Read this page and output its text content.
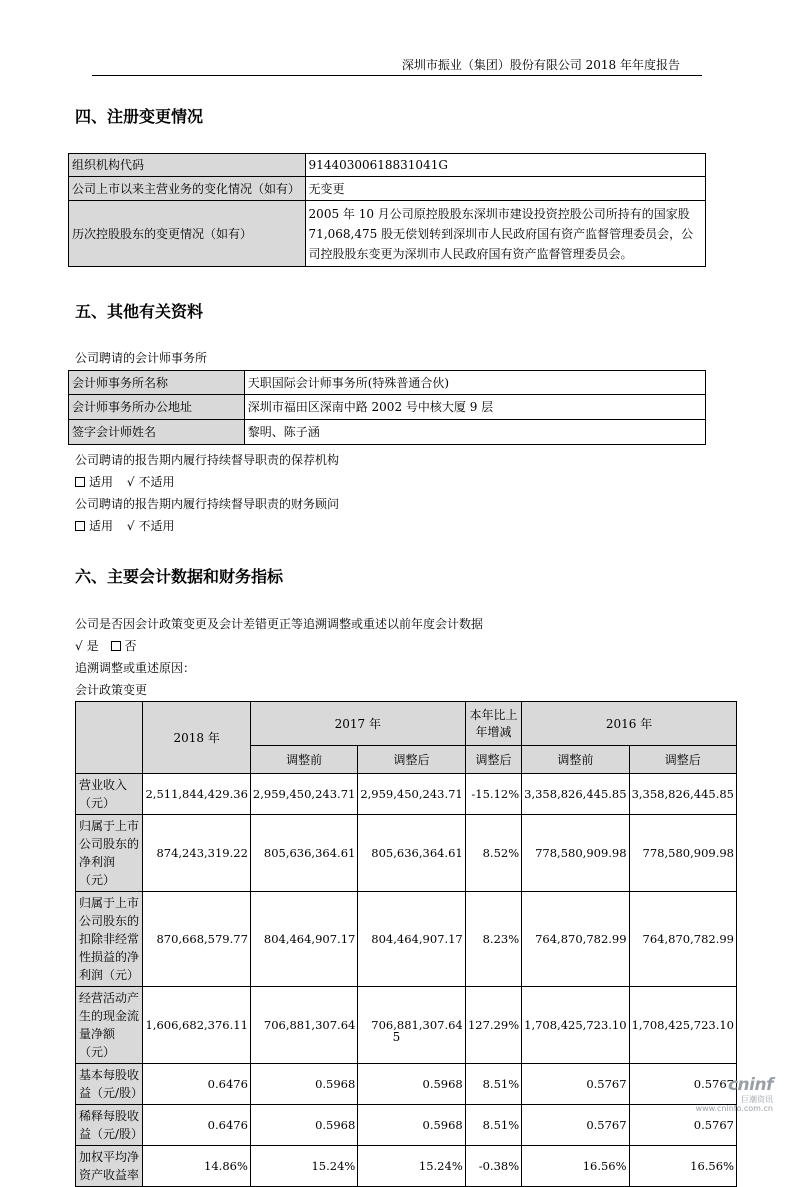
深圳市振业（集团）股份有限公司 2018 年年度报告
四、注册变更情况
组织机构代码	91440300618831041G
公司上市以来主营业务的变化情况（如有）	无变更
历次控股股东的变更情况（如有）	2005 年 10 月公司原控股股东深圳市建设投资控股公司所持有的国家股 71,068,475 股无偿划转到深圳市人民政府国有资产监督管理委员会，公司控股股东变更为深圳市人民政府国有资产监督管理委员会。
五、其他有关资料
公司聘请的会计师事务所
会计师事务所名称	天职国际会计师事务所(特殊普通合伙)
会计师事务所办公地址	深圳市福田区深南中路 2002 号中核大厦 9 层
签字会计师姓名	黎明、陈子涵
公司聘请的报告期内履行持续督导职责的保荐机构
适用 √ 不适用
公司聘请的报告期内履行持续督导职责的财务顾问
适用 √ 不适用
六、主要会计数据和财务指标
公司是否因会计政策变更及会计差错更正等追溯调整或重述以前年度会计数据
√ 是 否
追溯调整或重述原因：
会计政策变更
	2018 年	2017 年		本年比上年增减	2016 年	
		调整前	调整后	调整后	调整前	调整后
营业收入（元）	2,511,844,429.36	2,959,450,243.71	2,959,450,243.71	-15.12%	3,358,826,445.85	3,358,826,445.85
归属于上市公司股东的净利润（元）	874,243,319.22	805,636,364.61	805,636,364.61	8.52%	778,580,909.98	778,580,909.98
归属于上市公司股东的扣除非经常性损益的净利润（元）	870,668,579.77	804,464,907.17	804,464,907.17	8.23%	764,870,782.99	764,870,782.99
经营活动产生的现金流量净额（元）	1,606,682,376.11	706,881,307.64	706,881,307.64	127.29%	1,708,425,723.10	1,708,425,723.10
基本每股收益（元/股）	0.6476	0.5968	0.5968	8.51%	0.5767	0.5767
稀释每股收益（元/股）	0.6476	0.5968	0.5968	8.51%	0.5767	0.5767
加权平均净资产收益率	14.86%	15.24%	15.24%	-0.38%	16.56%	16.56%
5
cninf
巨潮资讯
www.cninfo.com.cn
